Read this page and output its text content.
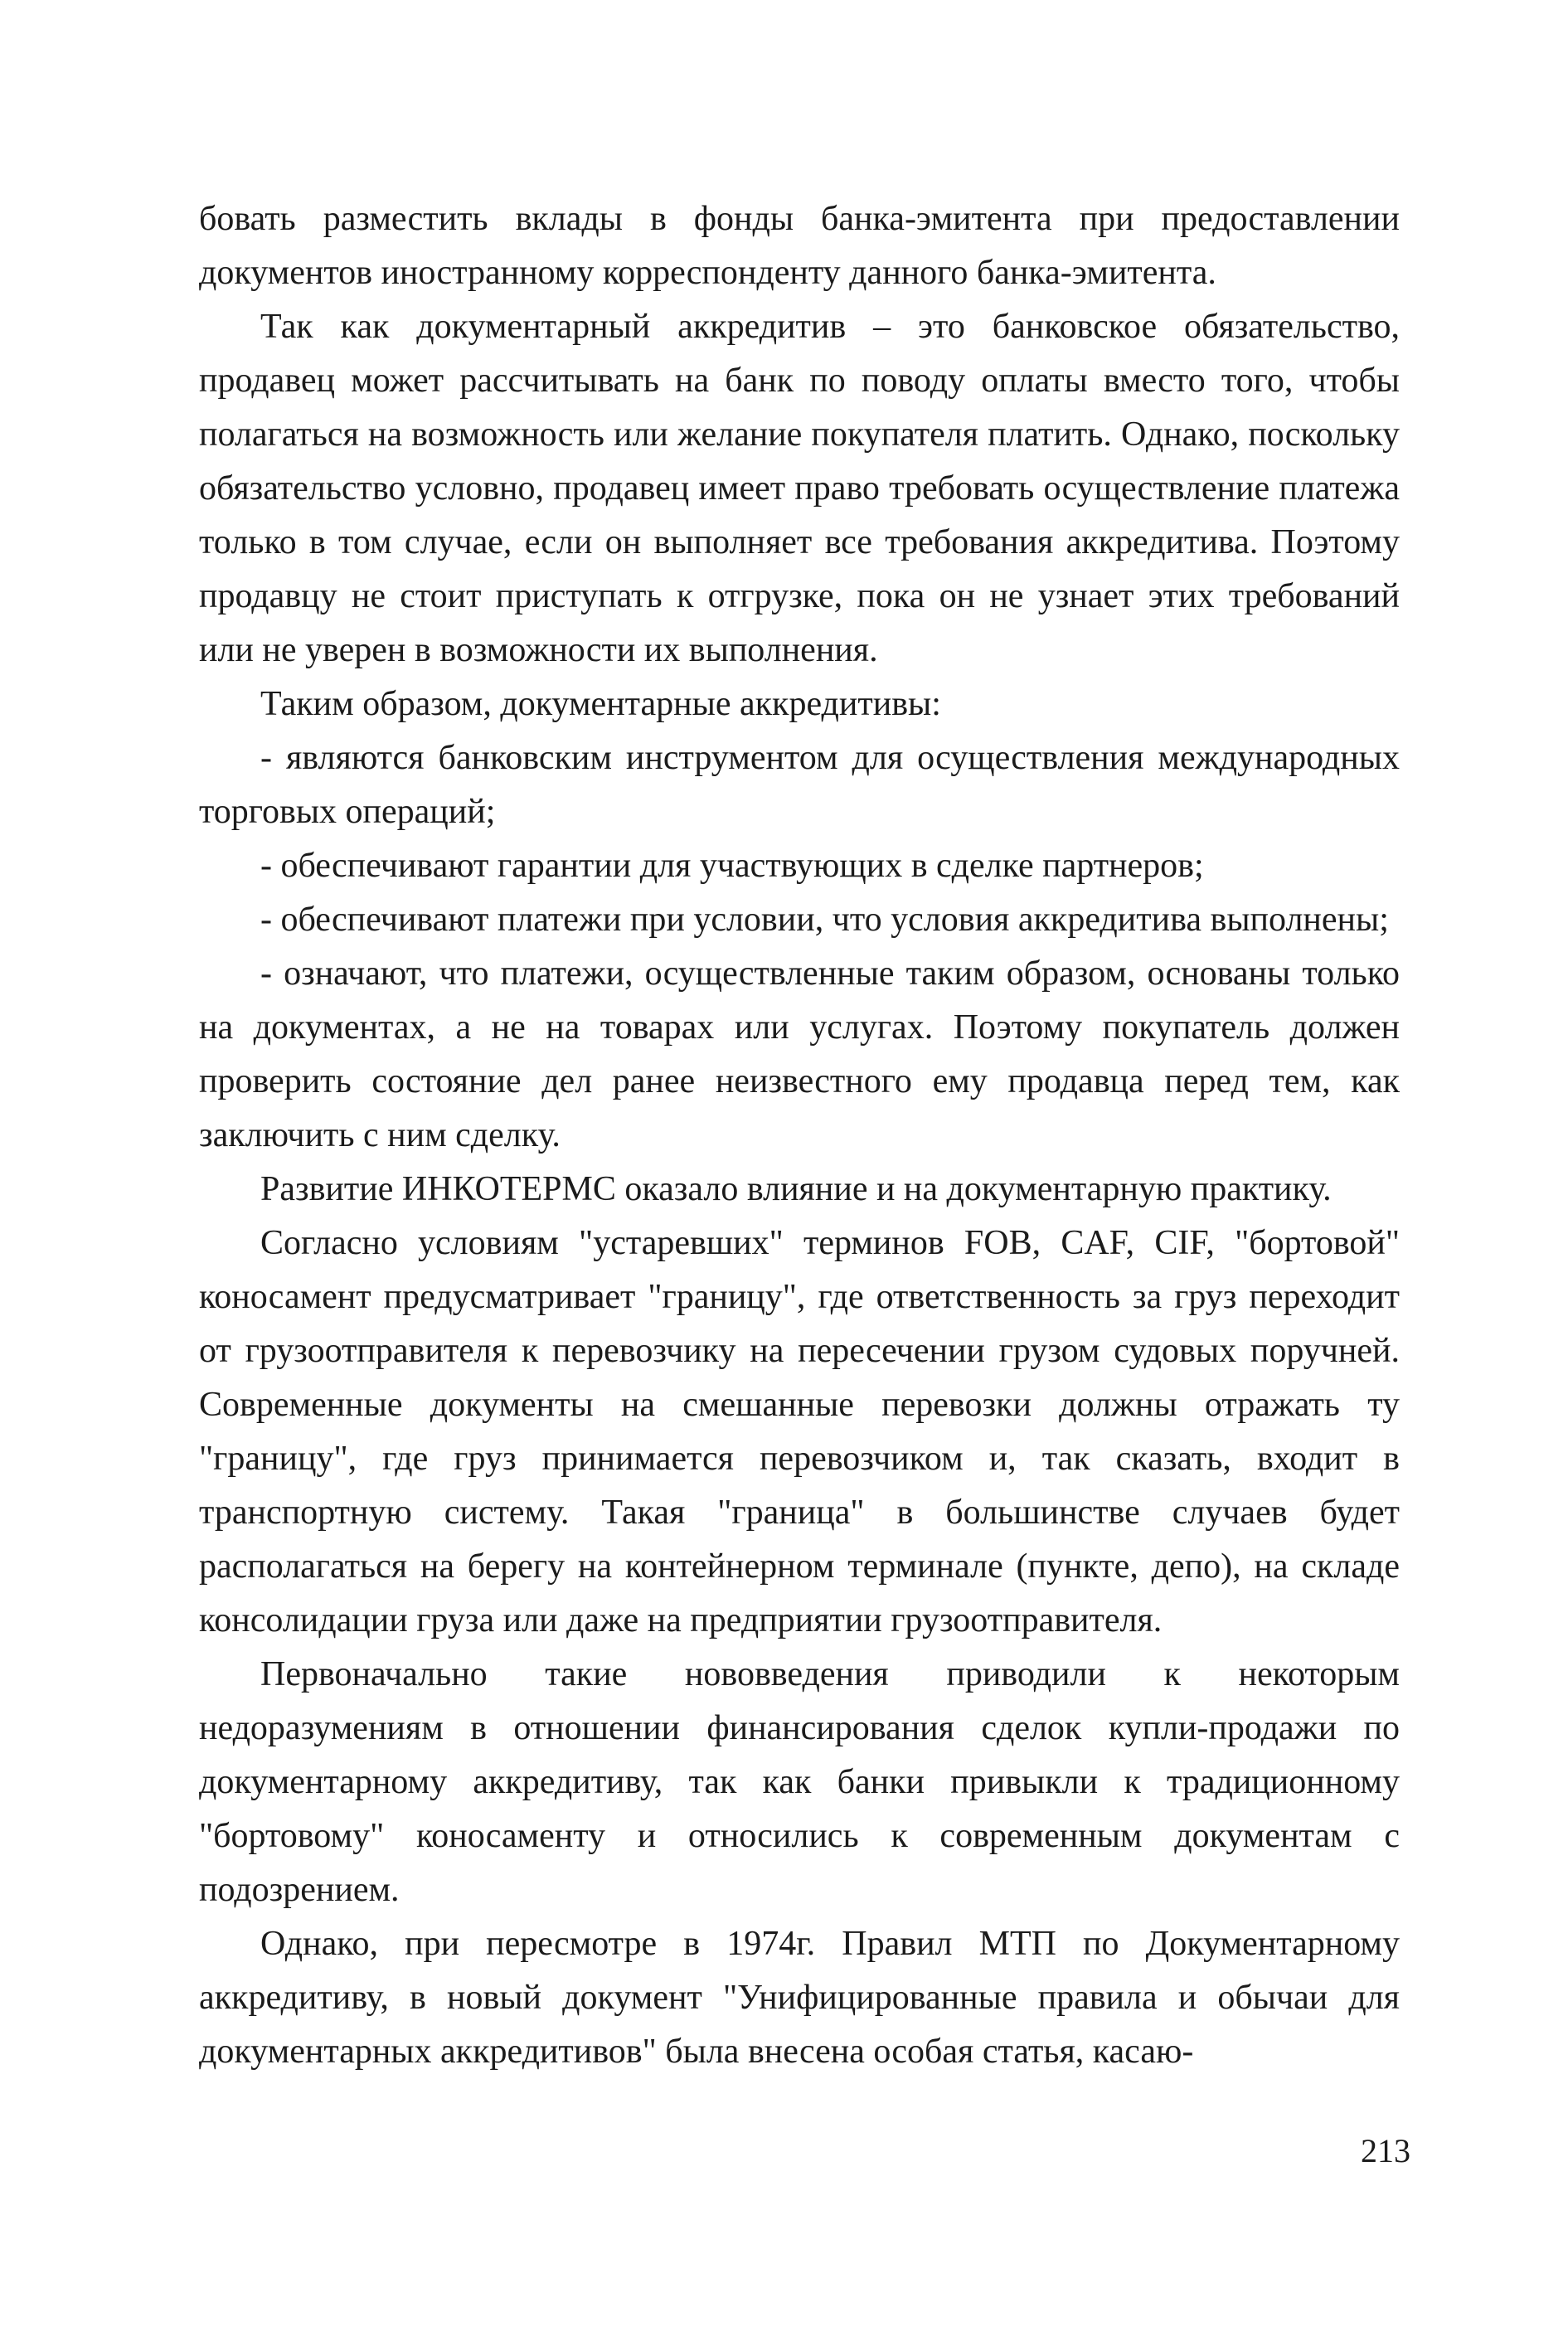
бовать разместить вклады в фонды банка-эмитента при предоставлении документов иностранному корреспонденту данного банка-эмитента.

Так как документарный аккредитив – это банковское обязательство, продавец может рассчитывать на банк по поводу оплаты вместо того, чтобы полагаться на возможность или желание покупателя платить. Однако, поскольку обязательство условно, продавец имеет право требовать осуществление платежа только в том случае, если он выполняет все требования аккредитива. Поэтому продавцу не стоит приступать к отгрузке, пока он не узнает этих требований или не уверен в возможности их выполнения.

Таким образом, документарные аккредитивы:

- являются банковским инструментом для осуществления международных торговых операций;

- обеспечивают гарантии для участвующих в сделке партнеров;

- обеспечивают платежи при условии, что условия аккредитива выполнены;

- означают, что платежи, осуществленные таким образом, основаны только на документах, а не на товарах или услугах. Поэтому покупатель должен проверить состояние дел ранее неизвестного ему продавца перед тем, как заключить с ним сделку.

Развитие ИНКОТЕРМС оказало влияние и на документарную практику.

Согласно условиям "устаревших" терминов FOB, CAF, CIF, "бортовой" коносамент предусматривает "границу", где ответственность за груз переходит от грузоотправителя к перевозчику на пересечении грузом судовых поручней. Современные документы на смешанные перевозки должны отражать ту "границу", где груз принимается перевозчиком и, так сказать, входит в транспортную систему. Такая "граница" в большинстве случаев будет располагаться на берегу на контейнерном терминале (пункте, депо), на складе консолидации груза или даже на предприятии грузоотправителя.

Первоначально такие нововведения приводили к некоторым недоразумениям в отношении финансирования сделок купли-продажи по документарному аккредитиву, так как банки привыкли к традиционному "бортовому" коносаменту и относились к современным документам с подозрением.

Однако, при пересмотре в 1974г. Правил МТП по Документарному аккредитиву, в новый документ "Унифицированные правила и обычаи для документарных аккредитивов" была внесена особая статья, касаю-

213
